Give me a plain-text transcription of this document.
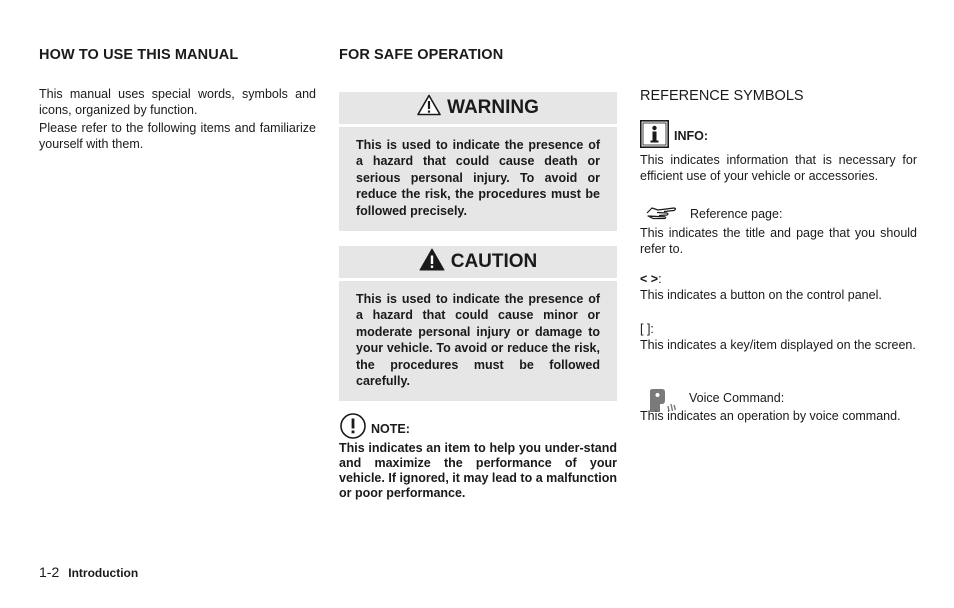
HOW TO USE THIS MANUAL

This manual uses special words, symbols and icons, organized by function.

Please refer to the following items and familiarize yourself with them.

FOR SAFE OPERATION
WARNING

This is used to indicate the presence of a hazard that could cause death or serious personal injury. To avoid or reduce the risk, the procedures must be followed precisely.

CAUTION

This is used to indicate the presence of a hazard that could cause minor or moderate personal injury or damage to your vehicle. To avoid or reduce the risk, the procedures must be followed carefully.

NOTE:

This indicates an item to help you under-stand and maximize the performance of your vehicle. If ignored, it may lead to a malfunction or poor performance.

REFERENCE SYMBOLS
INFO:

This indicates information that is necessary for efficient use of your vehicle or accessories.

Reference page:

This indicates the title and page that you should refer to.

< > :

This indicates a button on the control panel.

[ ]:

This indicates a key/item displayed on the screen.

Voice Command:

This indicates an operation by voice command.

1-2 Introduction
